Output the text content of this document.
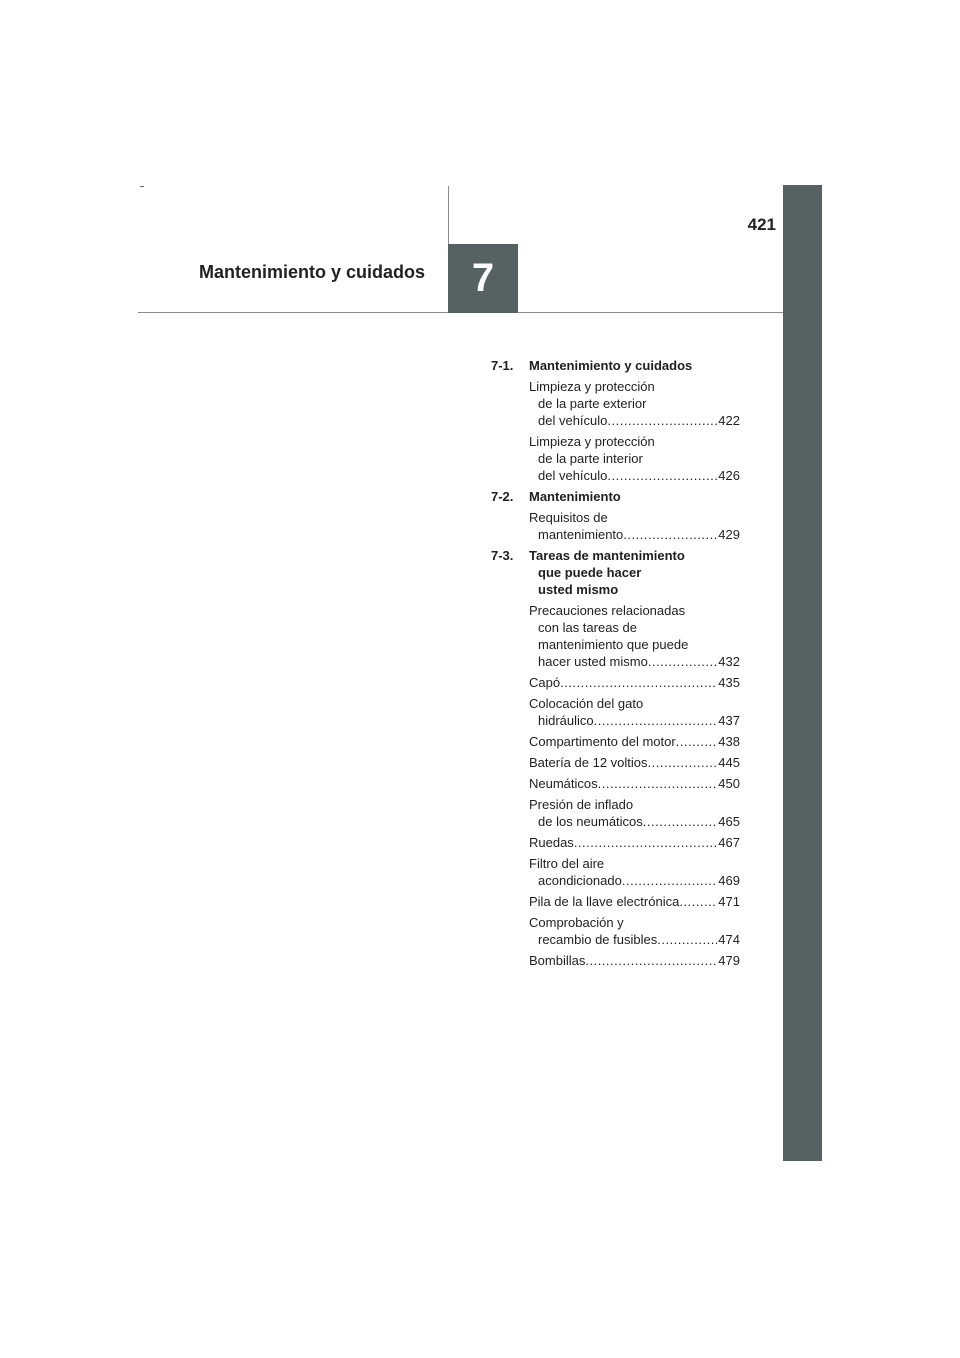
421
Mantenimiento y cuidados 7
7-1.	Mantenimiento y cuidados
Limpieza y protección
de la parte exterior
del vehículo .....	422
Limpieza y protección
de la parte interior
del vehículo .....	426
7-2.	Mantenimiento
Requisitos de
mantenimiento .....	429
7-3.	Tareas de mantenimiento
que puede hacer
usted mismo
Precauciones relacionadas
con las tareas de
mantenimiento que puede
hacer usted mismo .....	432
Capó .....	435
Colocación del gato
hidráulico .....	437
Compartimento del motor .....	438
Batería de 12 voltios .....	445
Neumáticos .....	450
Presión de inflado
de los neumáticos .....	465
Ruedas .....	467
Filtro del aire
acondicionado .....	469
Pila de la llave electrónica .....	471
Comprobación y
recambio de fusibles .....	474
Bombillas .....	479
